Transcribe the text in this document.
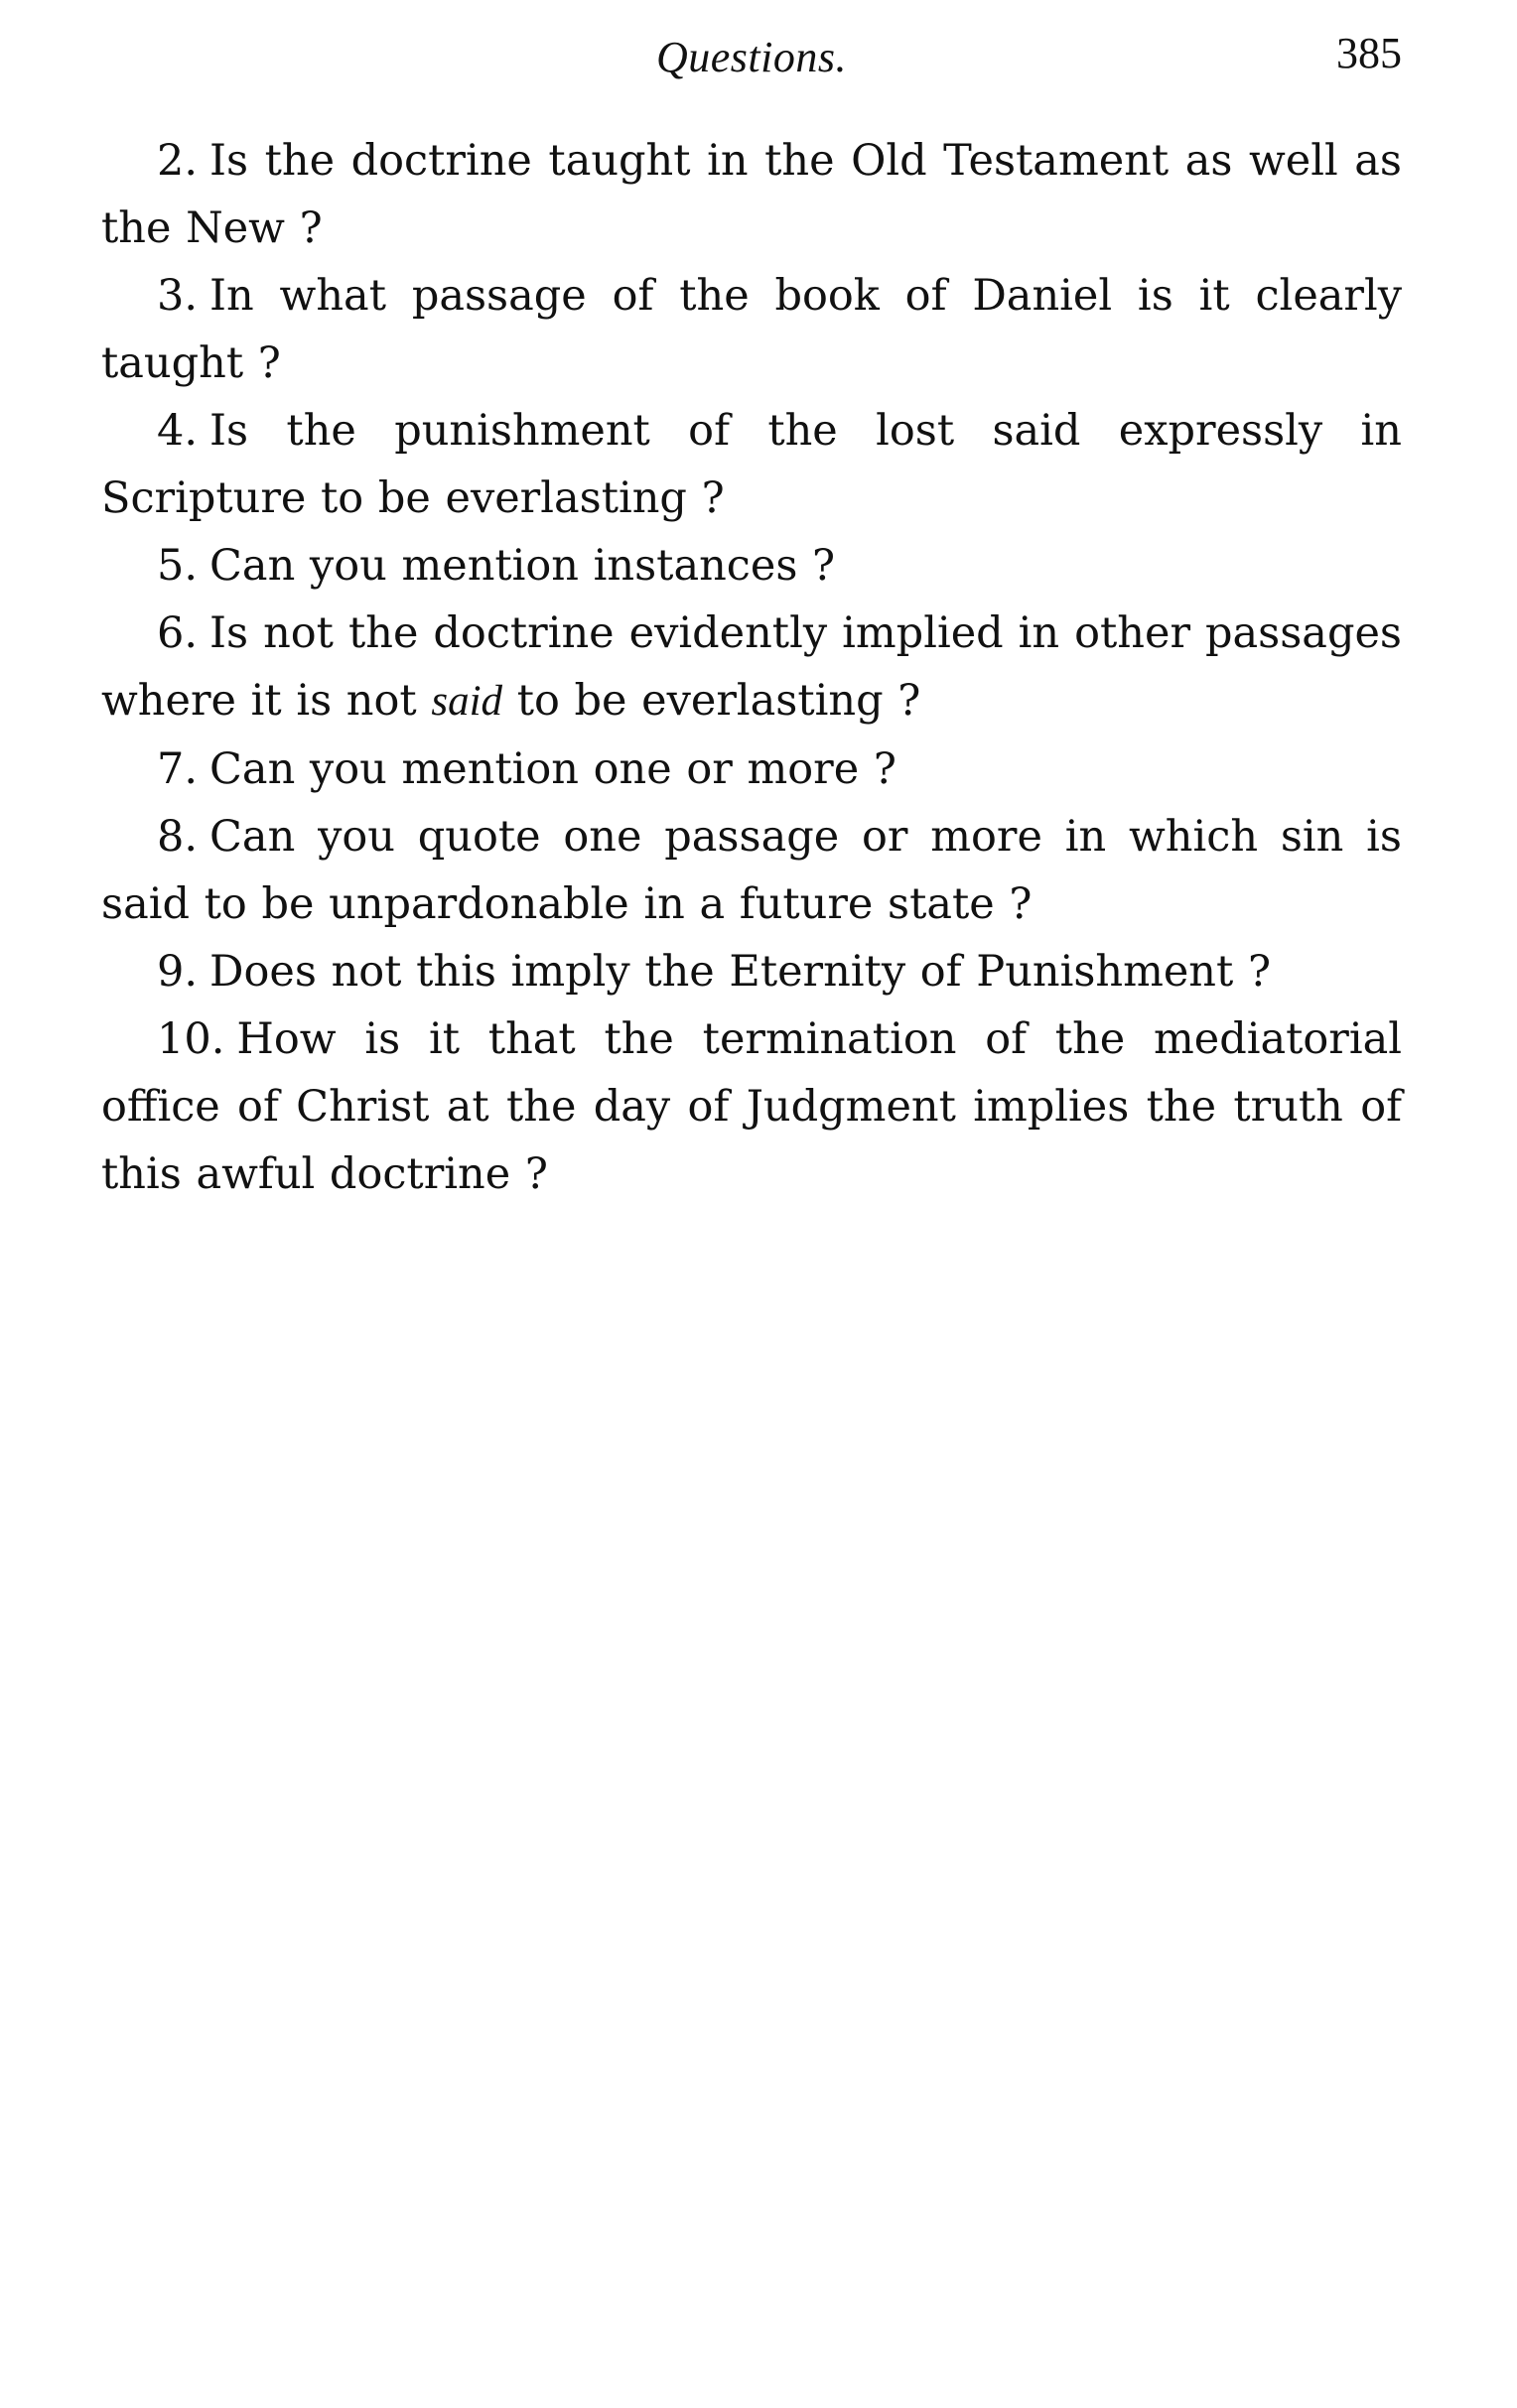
Questions.	385
2. Is the doctrine taught in the Old Testament as well as the New ?
3. In what passage of the book of Daniel is it clearly taught ?
4. Is the punishment of the lost said expressly in Scripture to be everlasting ?
5. Can you mention instances ?
6. Is not the doctrine evidently implied in other passages where it is not said to be everlasting ?
7. Can you mention one or more ?
8. Can you quote one passage or more in which sin is said to be unpardonable in a future state ?
9. Does not this imply the Eternity of Punishment ?
10. How is it that the termination of the mediatorial office of Christ at the day of Judgment implies the truth of this awful doctrine ?
